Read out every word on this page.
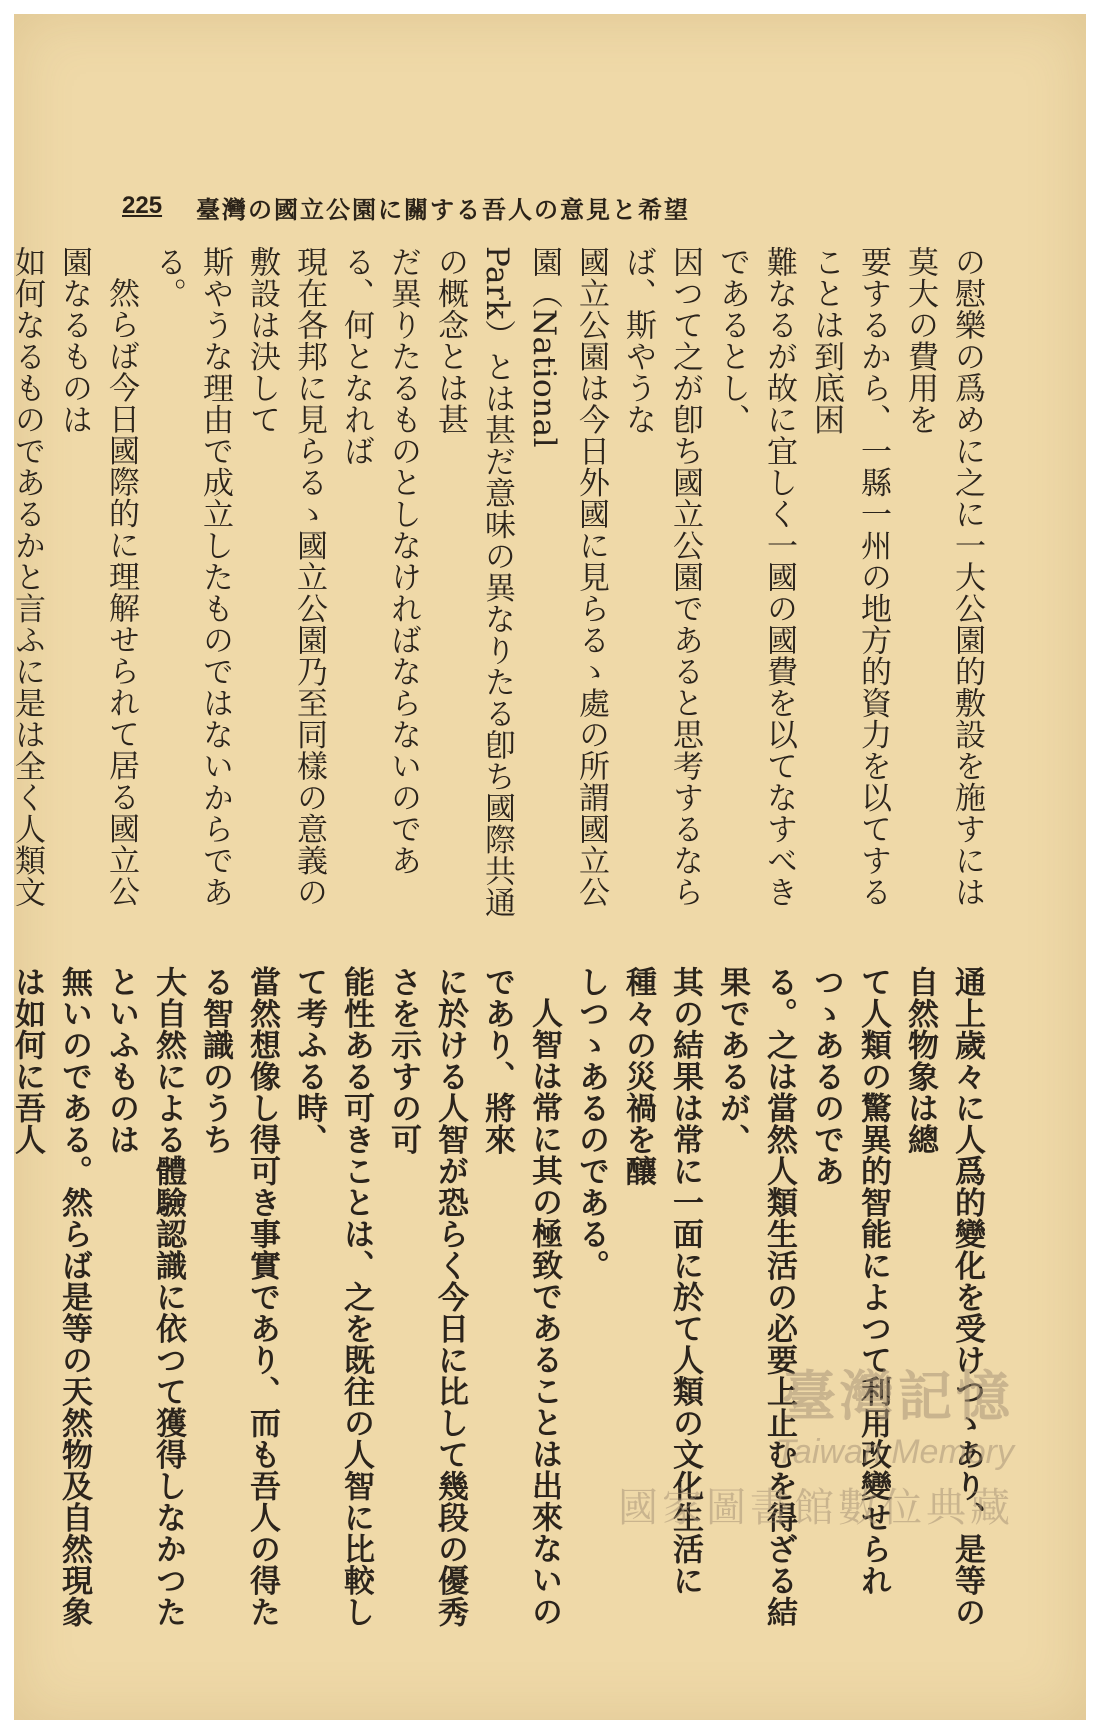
225 臺灣の國立公園に關する吾人の意見と希望

の慰樂の爲めに之に一大公園的敷設を施すには莫大の費用を

要するから、一縣一州の地方的資力を以てすることは到底困

難なるが故に宜しく一國の國費を以てなすべきであるとし、

因つて之が卽ち國立公園であると思考するならば、斯やうな

國立公園は今日外國に見らるゝ處の所謂國立公園（National

Park）とは甚だ意味の異なりたる卽ち國際共通の概念とは甚

だ異りたるものとしなければならないのである、何となれば

現在各邦に見らるゝ國立公園乃至同樣の意義の敷設は決して

斯やうな理由で成立したものではないからである。

然らば今日國際的に理解せられて居る國立公園なるものは

如何なるものであるかと言ふに是は全く人類文

通上歲々に人爲的變化を受けつゝあり、是等の自然物象は總

て人類の驚異的智能によつて利用改變せられつゝあるのであ

る。之は當然人類生活の必要上止むを得ざる結果であるが、

其の結果は常に一面に於て人類の文化生活に種々の災禍を釀

しつゝあるのである。

人智は常に其の極致であることは出來ないのであり、將來

に於ける人智が恐らく今日に比して幾段の優秀さを示すの可

能性ある可きことは、之を既往の人智に比較して考ふる時、

當然想像し得可き事實であり、而も吾人の得たる智識のうち

大自然による體驗認識に依つて獲得しなかつたといふものは

無いのである。然らば是等の天然物及自然現象は如何に吾人

臺灣記憶
Taiwan Memory
國家圖書館數位典藏
